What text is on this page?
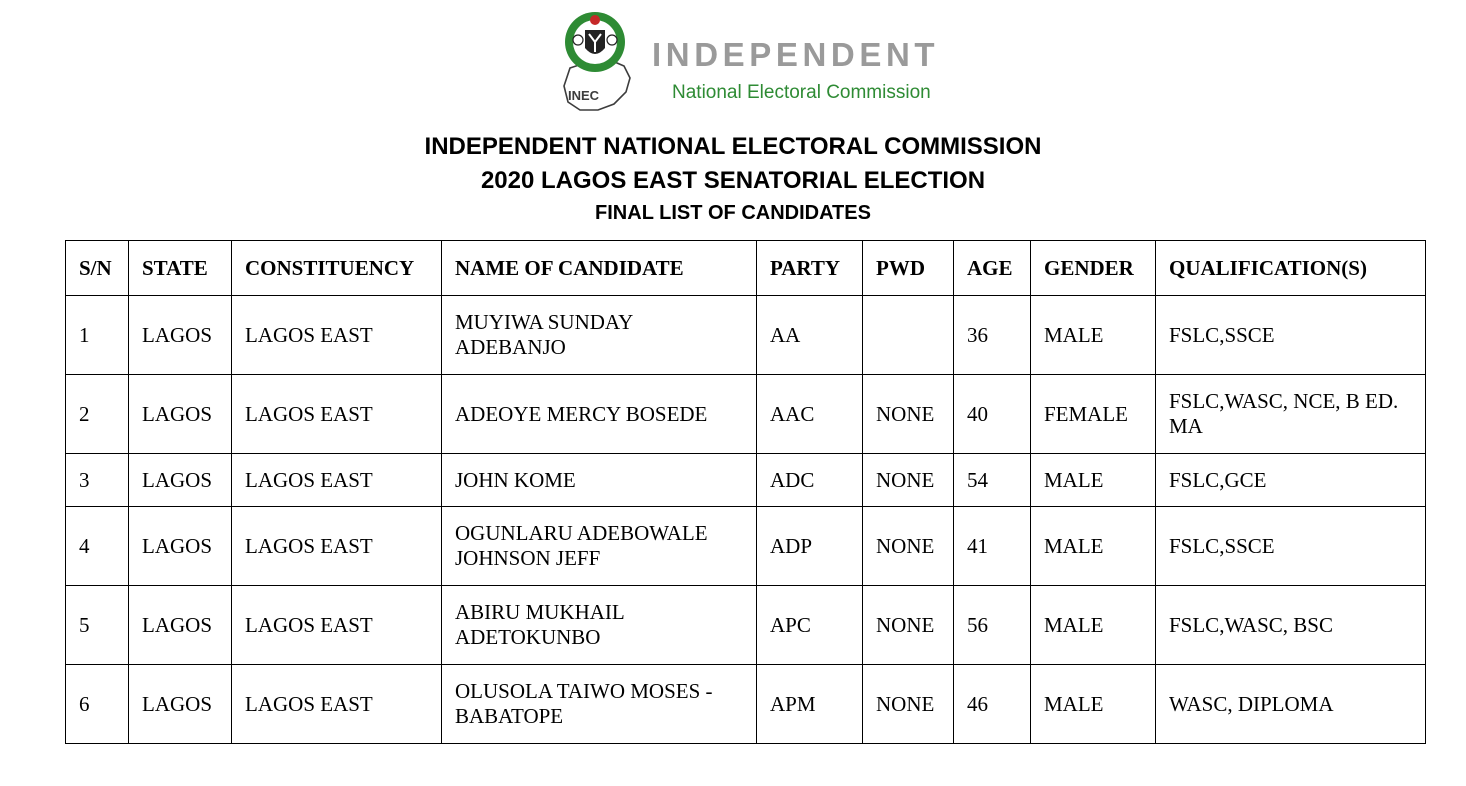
INEC
INDEPENDENT
National Electoral Commission
INDEPENDENT NATIONAL ELECTORAL COMMISSION
2020 LAGOS EAST SENATORIAL ELECTION
FINAL LIST OF CANDIDATES
S/N	STATE	CONSTITUENCY	NAME OF CANDIDATE	PARTY	PWD	AGE	GENDER	QUALIFICATION(S)
1	LAGOS	LAGOS EAST	MUYIWA SUNDAY ADEBANJO	AA		36	MALE	FSLC,SSCE
2	LAGOS	LAGOS EAST	ADEOYE MERCY BOSEDE	AAC	NONE	40	FEMALE	FSLC,WASC, NCE, B ED. MA
3	LAGOS	LAGOS EAST	JOHN KOME	ADC	NONE	54	MALE	FSLC,GCE
4	LAGOS	LAGOS EAST	OGUNLARU ADEBOWALE JOHNSON JEFF	ADP	NONE	41	MALE	FSLC,SSCE
5	LAGOS	LAGOS EAST	ABIRU MUKHAIL ADETOKUNBO	APC	NONE	56	MALE	FSLC,WASC, BSC
6	LAGOS	LAGOS EAST	OLUSOLA TAIWO MOSES - BABATOPE	APM	NONE	46	MALE	WASC, DIPLOMA
